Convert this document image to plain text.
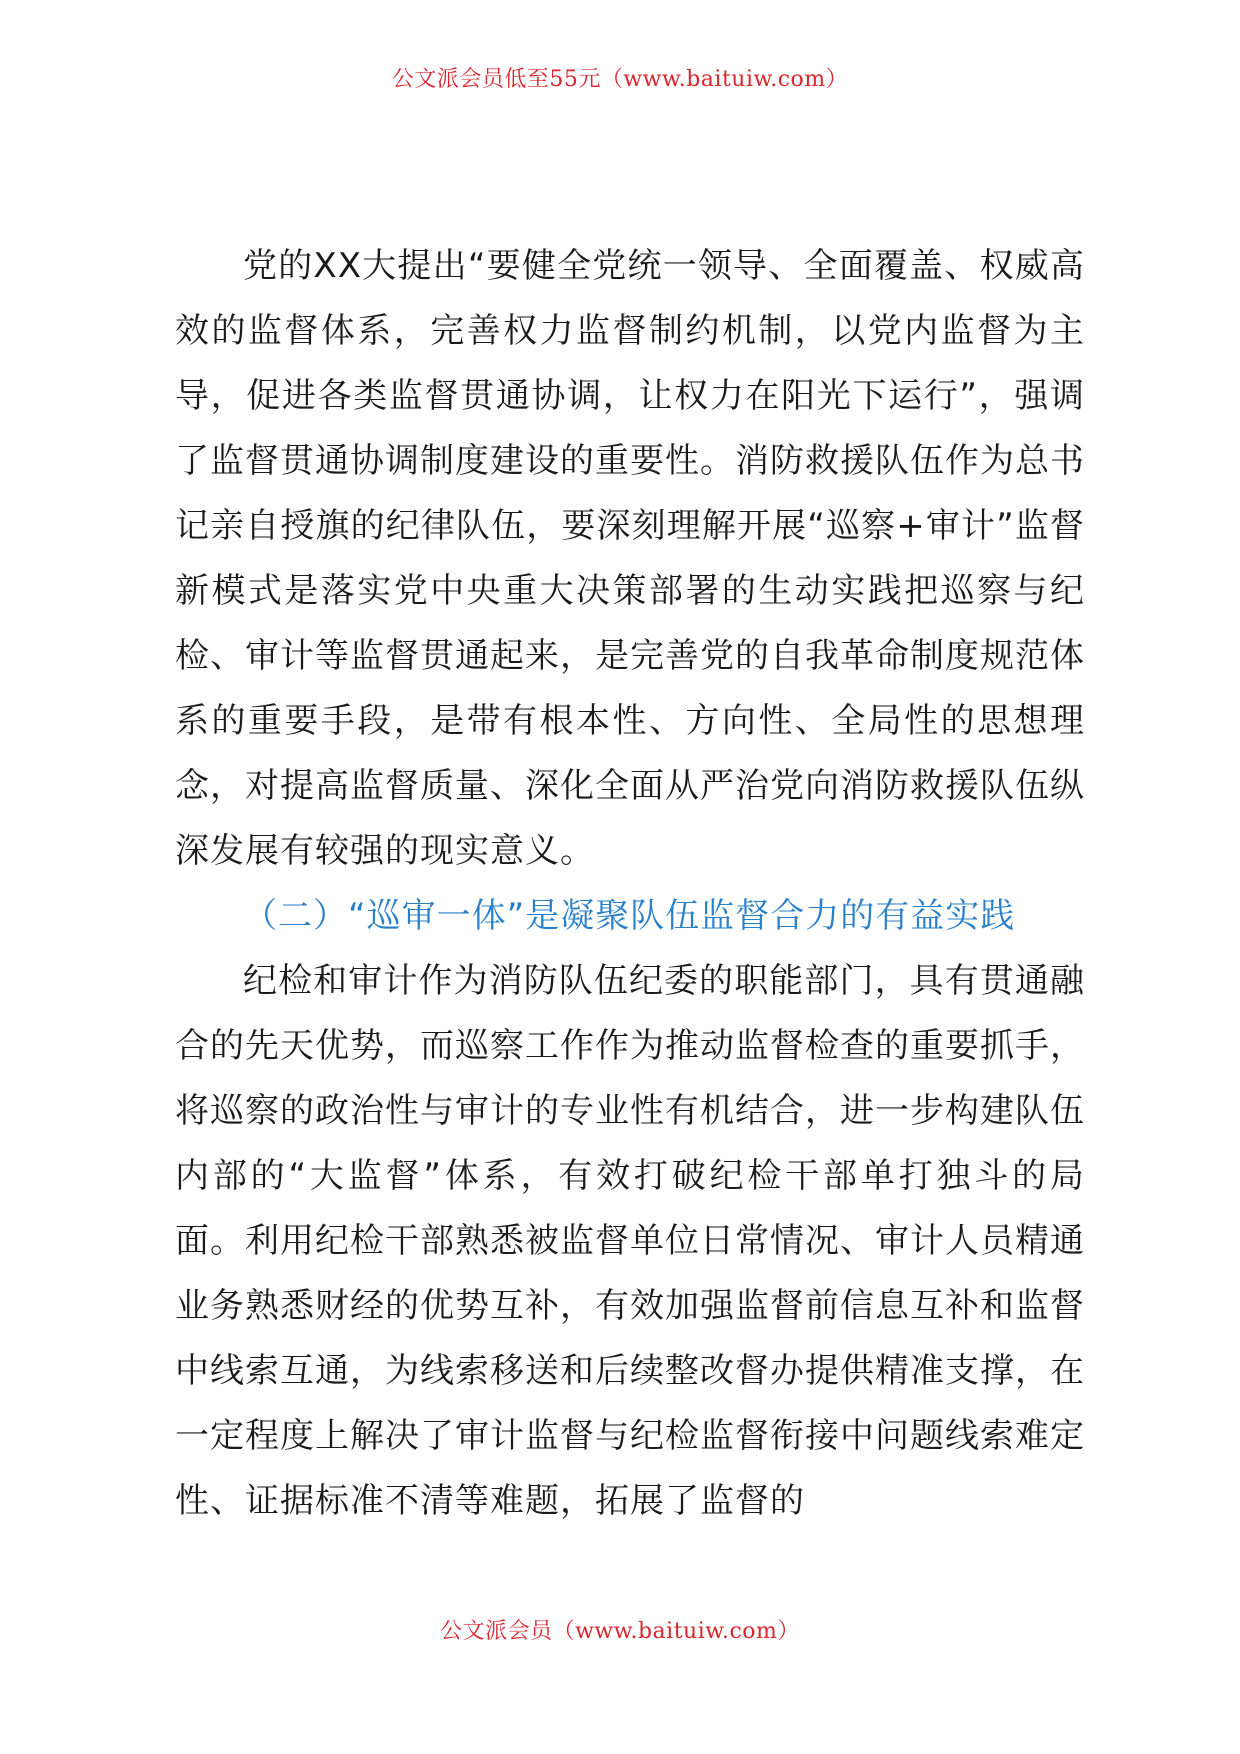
公文派会员低至55元（www.baituiw.com）

党的XX大提出“要健全党统一领导、全面覆盖、权威高效的监督体系，完善权力监督制约机制，以党内监督为主导，促进各类监督贯通协调，让权力在阳光下运行”，强调了监督贯通协调制度建设的重要性。消防救援队伍作为总书记亲自授旗的纪律队伍，要深刻理解开展“巡察+审计”监督新模式是落实党中央重大决策部署的生动实践把巡察与纪检、审计等监督贯通起来，是完善党的自我革命制度规范体系的重要手段，是带有根本性、方向性、全局性的思想理念，对提高监督质量、深化全面从严治党向消防救援队伍纵深发展有较强的现实意义。

（二）“巡审一体”是凝聚队伍监督合力的有益实践

纪检和审计作为消防队伍纪委的职能部门，具有贯通融合的先天优势，而巡察工作作为推动监督检查的重要抓手，将巡察的政治性与审计的专业性有机结合，进一步构建队伍内部的“大监督”体系，有效打破纪检干部单打独斗的局面。利用纪检干部熟悉被监督单位日常情况、审计人员精通业务熟悉财经的优势互补，有效加强监督前信息互补和监督中线索互通，为线索移送和后续整改督办提供精准支撑，在一定程度上解决了审计监督与纪检监督衔接中问题线索难定性、证据标准不清等难题，拓展了监督的

公文派会员（www.baituiw.com）
